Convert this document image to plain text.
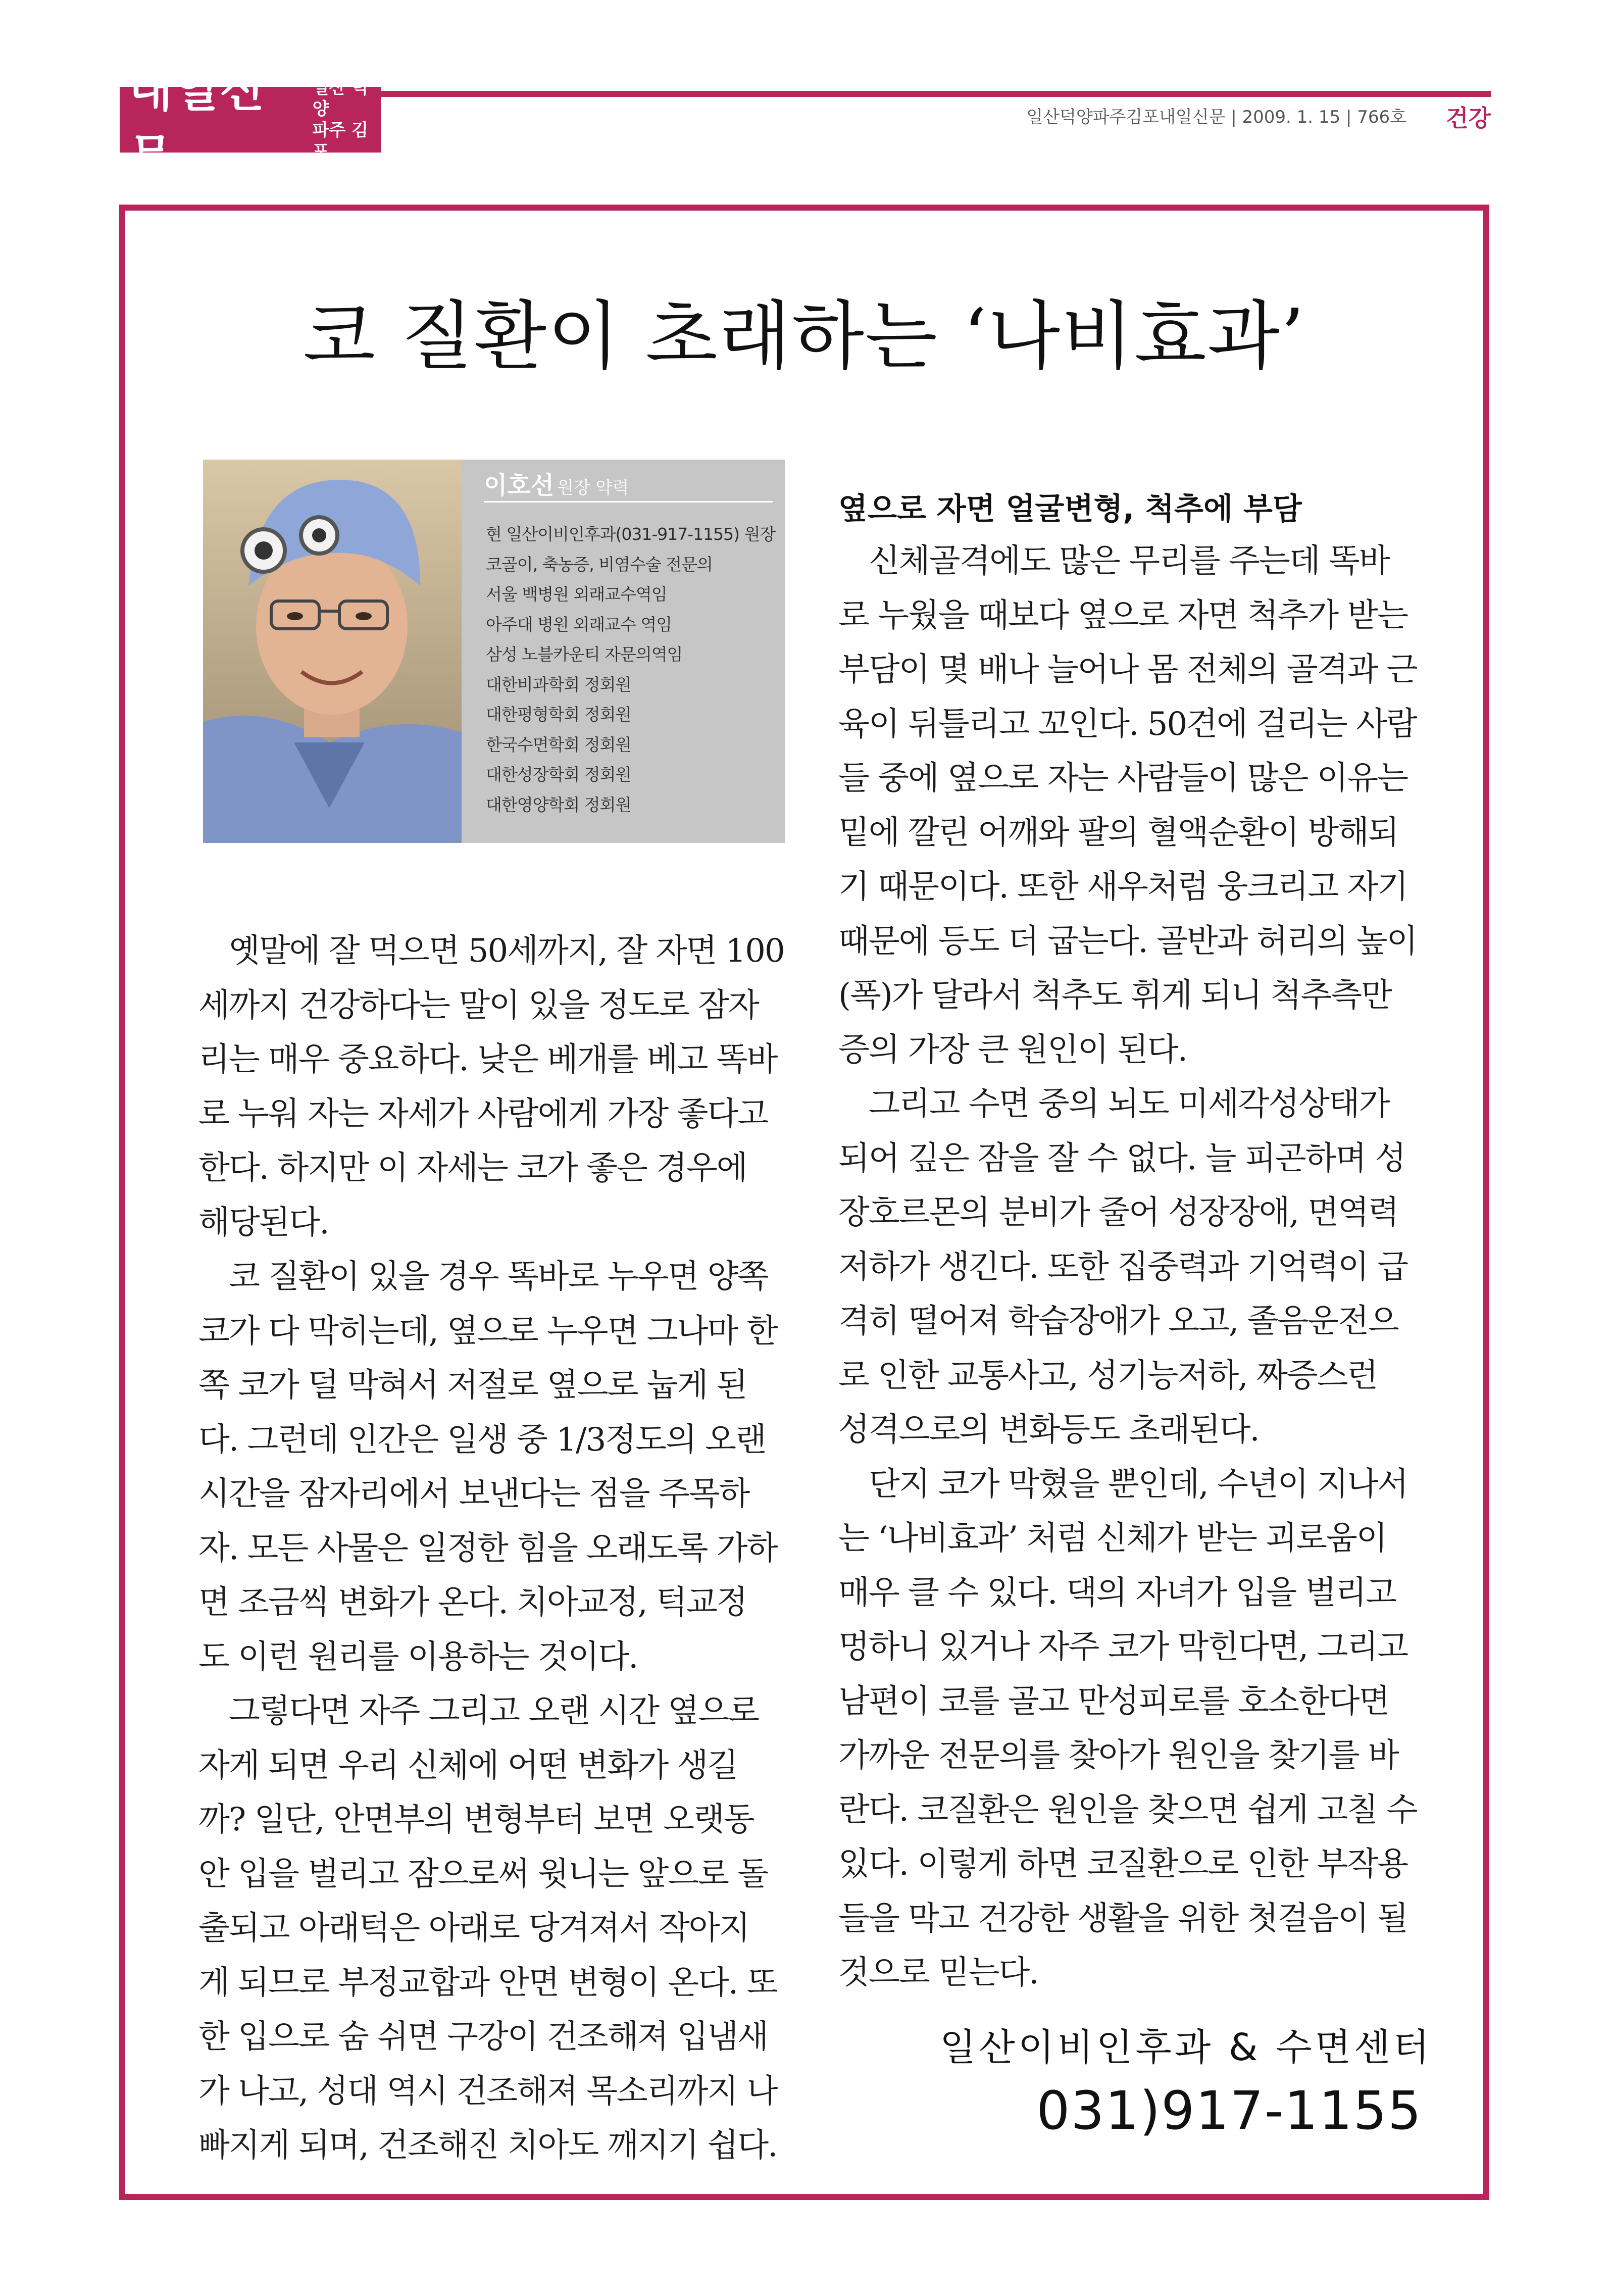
내일신문
일산 덕양
파주 김포
일산덕양파주김포내일신문 | 2009. 1. 15 | 766호 건강
코 질환이 초래하는 ‘나비효과’
이호선 원장 약력
현 일산이비인후과(031-917-1155) 원장
코골이, 축농증, 비염수술 전문의
서울 백병원 외래교수역임
아주대 병원 외래교수 역임
삼성 노블카운티 자문의역임
대한비과학회 정회원
대한평형학회 정회원
한국수면학회 정회원
대한성장학회 정회원
대한영양학회 정회원

옛말에 잘 먹으면 50세까지, 잘 자면 100
세까지 건강하다는 말이 있을 정도로 잠자
리는 매우 중요하다. 낮은 베개를 베고 똑바
로 누워 자는 자세가 사람에게 가장 좋다고
한다. 하지만 이 자세는 코가 좋은 경우에
해당된다.

코 질환이 있을 경우 똑바로 누우면 양쪽
코가 다 막히는데, 옆으로 누우면 그나마 한
쪽 코가 덜 막혀서 저절로 옆으로 눕게 된
다. 그런데 인간은 일생 중 1/3정도의 오랜
시간을 잠자리에서 보낸다는 점을 주목하
자. 모든 사물은 일정한 힘을 오래도록 가하
면 조금씩 변화가 온다. 치아교정, 턱교정
도 이런 원리를 이용하는 것이다.

그렇다면 자주 그리고 오랜 시간 옆으로
자게 되면 우리 신체에 어떤 변화가 생길
까? 일단, 안면부의 변형부터 보면 오랫동
안 입을 벌리고 잠으로써 윗니는 앞으로 돌
출되고 아래턱은 아래로 당겨져서 작아지
게 되므로 부정교합과 안면 변형이 온다. 또
한 입으로 숨 쉬면 구강이 건조해져 입냄새
가 나고, 성대 역시 건조해져 목소리까지 나
빠지게 되며, 건조해진 치아도 깨지기 쉽다.

옆으로 자면 얼굴변형, 척추에 부담

신체골격에도 많은 무리를 주는데 똑바
로 누웠을 때보다 옆으로 자면 척추가 받는
부담이 몇 배나 늘어나 몸 전체의 골격과 근
육이 뒤틀리고 꼬인다. 50견에 걸리는 사람
들 중에 옆으로 자는 사람들이 많은 이유는
밑에 깔린 어깨와 팔의 혈액순환이 방해되
기 때문이다. 또한 새우처럼 웅크리고 자기
때문에 등도 더 굽는다. 골반과 허리의 높이
(폭)가 달라서 척추도 휘게 되니 척추측만
증의 가장 큰 원인이 된다.

그리고 수면 중의 뇌도 미세각성상태가
되어 깊은 잠을 잘 수 없다. 늘 피곤하며 성
장호르몬의 분비가 줄어 성장장애, 면역력
저하가 생긴다. 또한 집중력과 기억력이 급
격히 떨어져 학습장애가 오고, 졸음운전으
로 인한 교통사고, 성기능저하, 짜증스런
성격으로의 변화등도 초래된다.

단지 코가 막혔을 뿐인데, 수년이 지나서
는 ‘나비효과’ 처럼 신체가 받는 괴로움이
매우 클 수 있다. 댁의 자녀가 입을 벌리고
멍하니 있거나 자주 코가 막힌다면, 그리고
남편이 코를 골고 만성피로를 호소한다면
가까운 전문의를 찾아가 원인을 찾기를 바
란다. 코질환은 원인을 찾으면 쉽게 고칠 수
있다. 이렇게 하면 코질환으로 인한 부작용
들을 막고 건강한 생활을 위한 첫걸음이 될
것으로 믿는다.

일산이비인후과 & 수면센터
031)917-1155
